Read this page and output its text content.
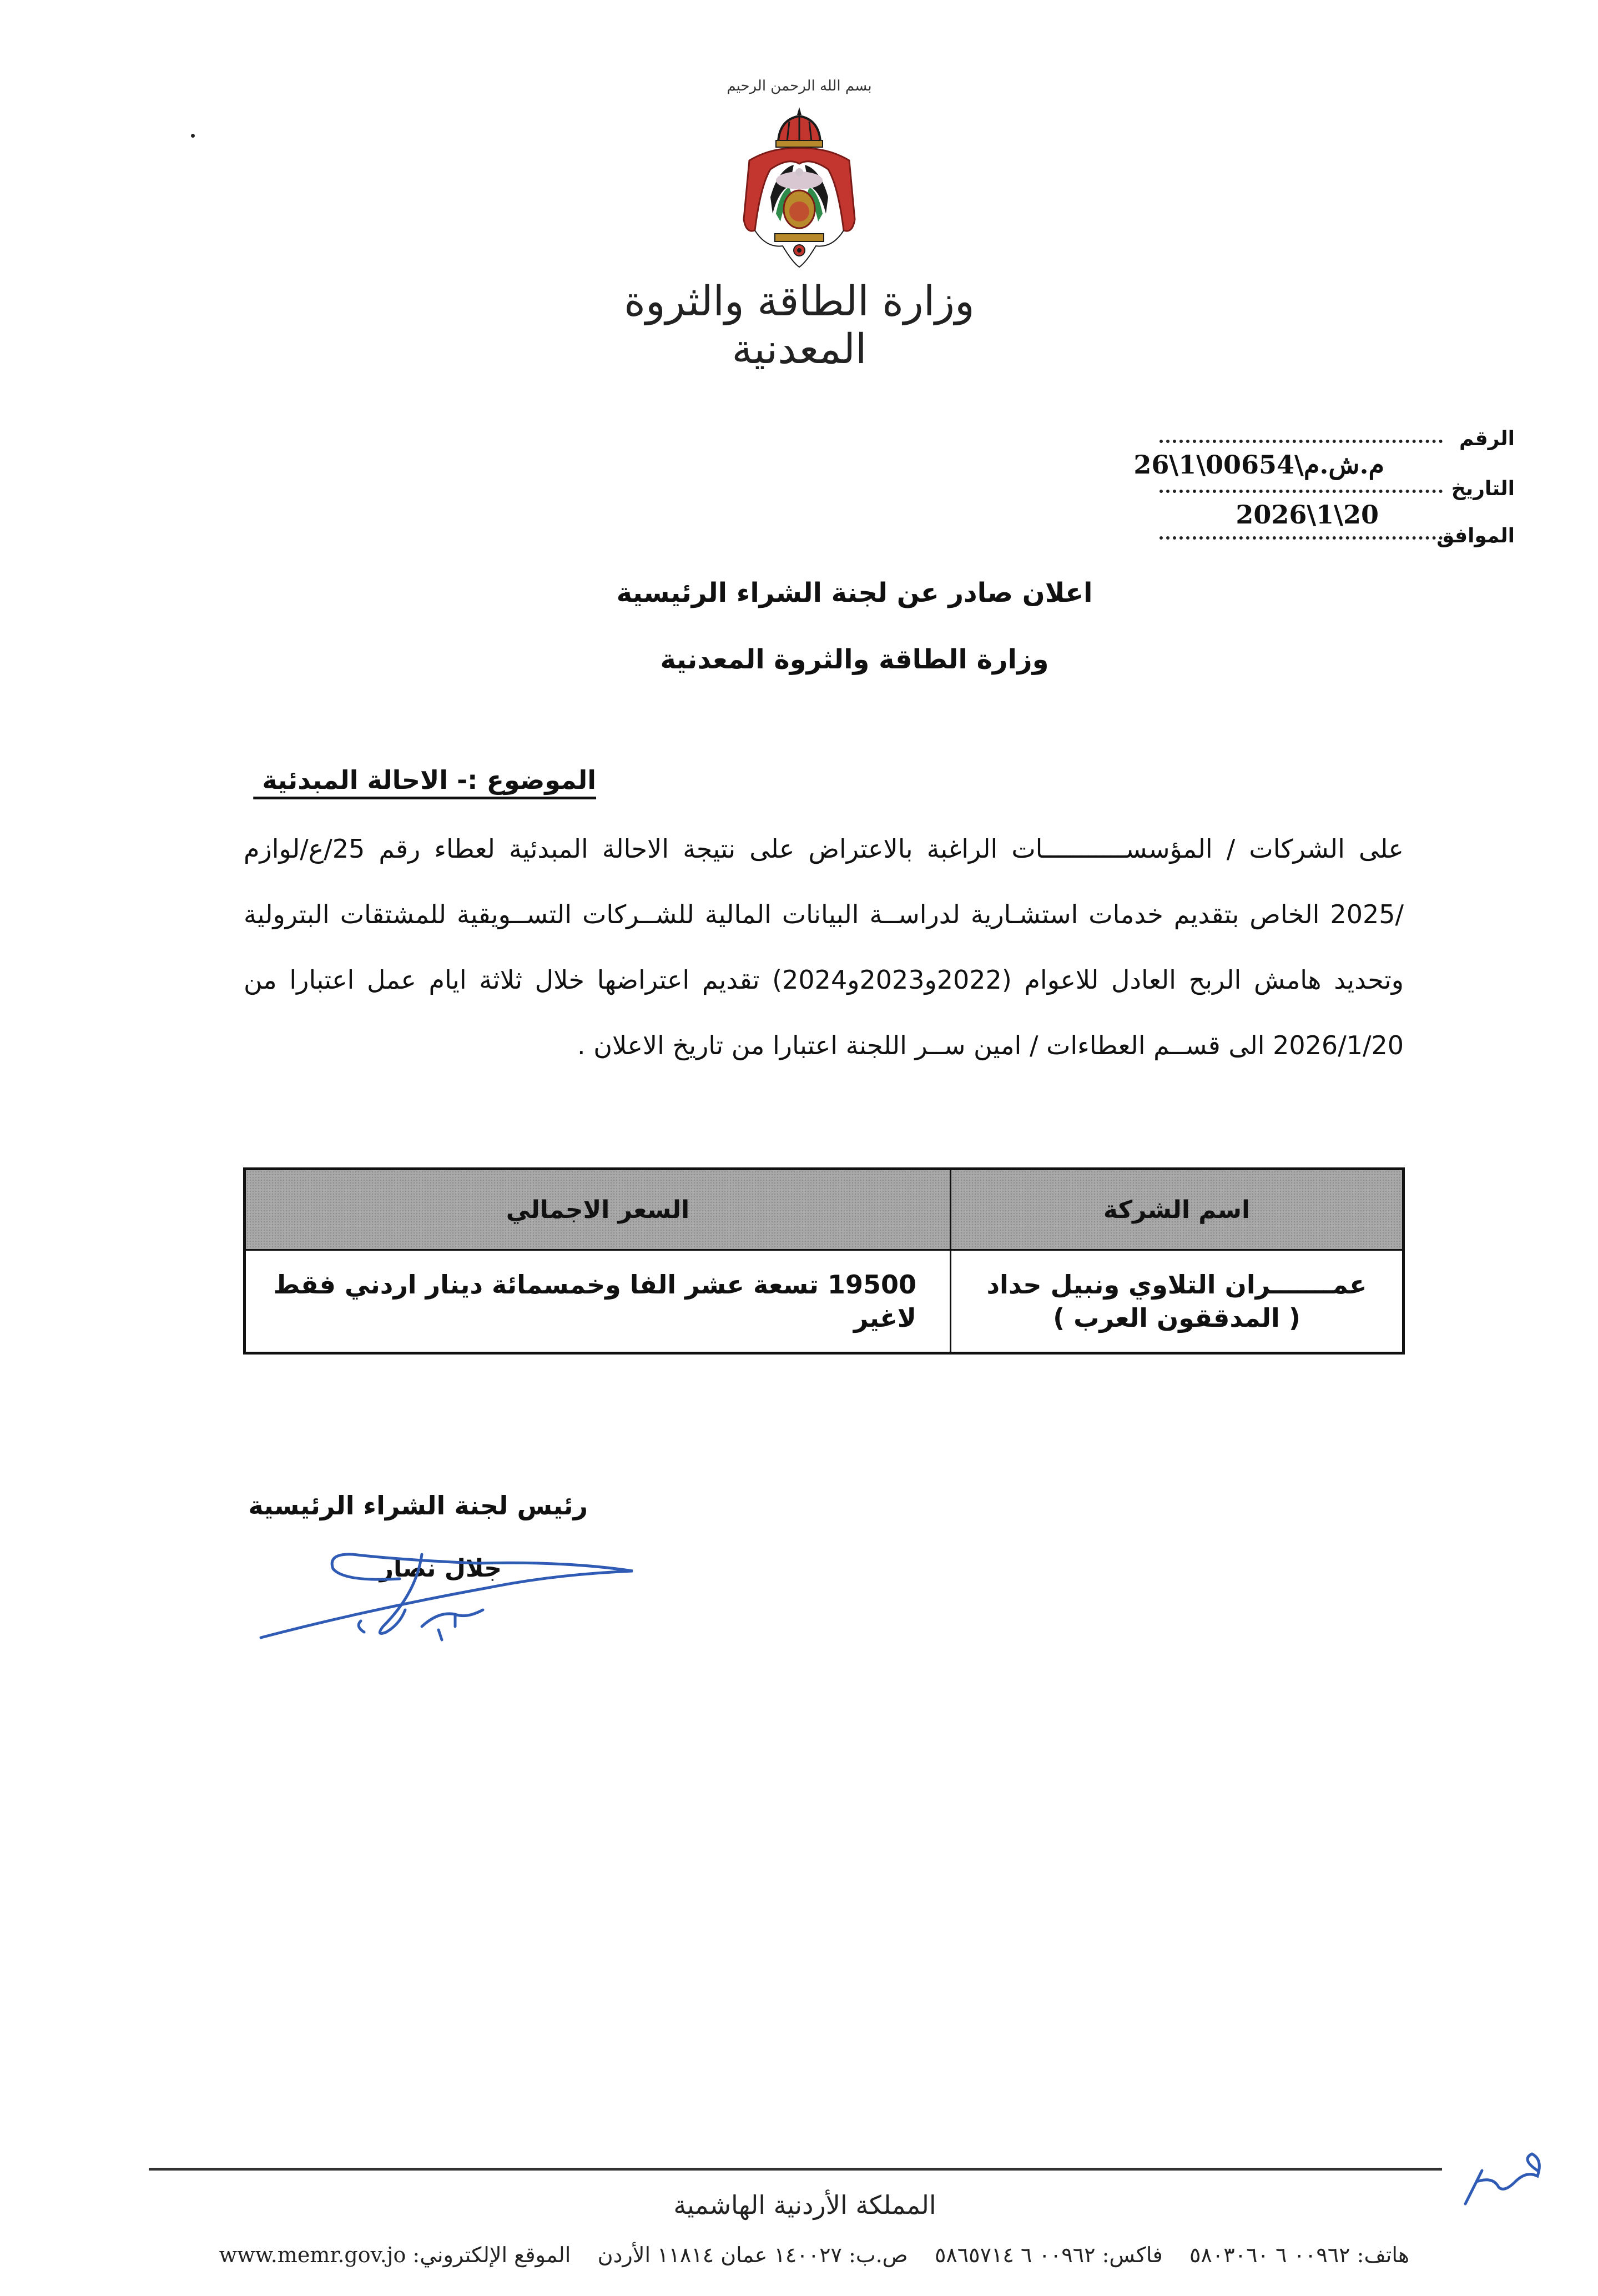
بسم الله الرحمن الرحيم
وزارة الطاقة والثروة المعدنية
الرقم
م.ش.م\00654\1\26
التاريخ
2026\1\20
الموافق
اعلان صادر عن لجنة الشراء الرئيسية
وزارة الطاقة والثروة المعدنية
الموضوع :- الاحالة المبدئية
على الشركات / المؤسســـــــــــات الراغبة بالاعتراض على نتيجة الاحالة المبدئية لعطاء رقم 25/ع/لوازم /2025 الخاص بتقديم خدمات استشـارية لدراســة البيانات المالية للشــركات التســويقية للمشتقات البترولية وتحديد هامش الربح العادل للاعوام (2022و2023و2024) تقديم اعتراضها خلال ثلاثة ايام عمل اعتبارا من 2026/1/20 الى قســم العطاءات / امين ســر اللجنة اعتبارا من تاريخ الاعلان .
اسم الشركة	السعر الاجمالي

عمـــــــران التلاوي ونبيل حداد
( المدققون العرب )	19500 تسعة عشر الفا وخمسمائة دينار اردني فقط لاغير
رئيس لجنة الشراء الرئيسية
جلال نصار
المملكة الأردنية الهاشمية
هاتف: ٠٠٩٦٢ ٦ ٥٨٠٣٠٦٠    فاكس: ٠٠٩٦٢ ٦ ٥٨٦٥٧١٤    ص.ب: ١٤٠٠٢٧ عمان ١١٨١٤ الأردن    الموقع الإلكتروني: www.memr.gov.jo
